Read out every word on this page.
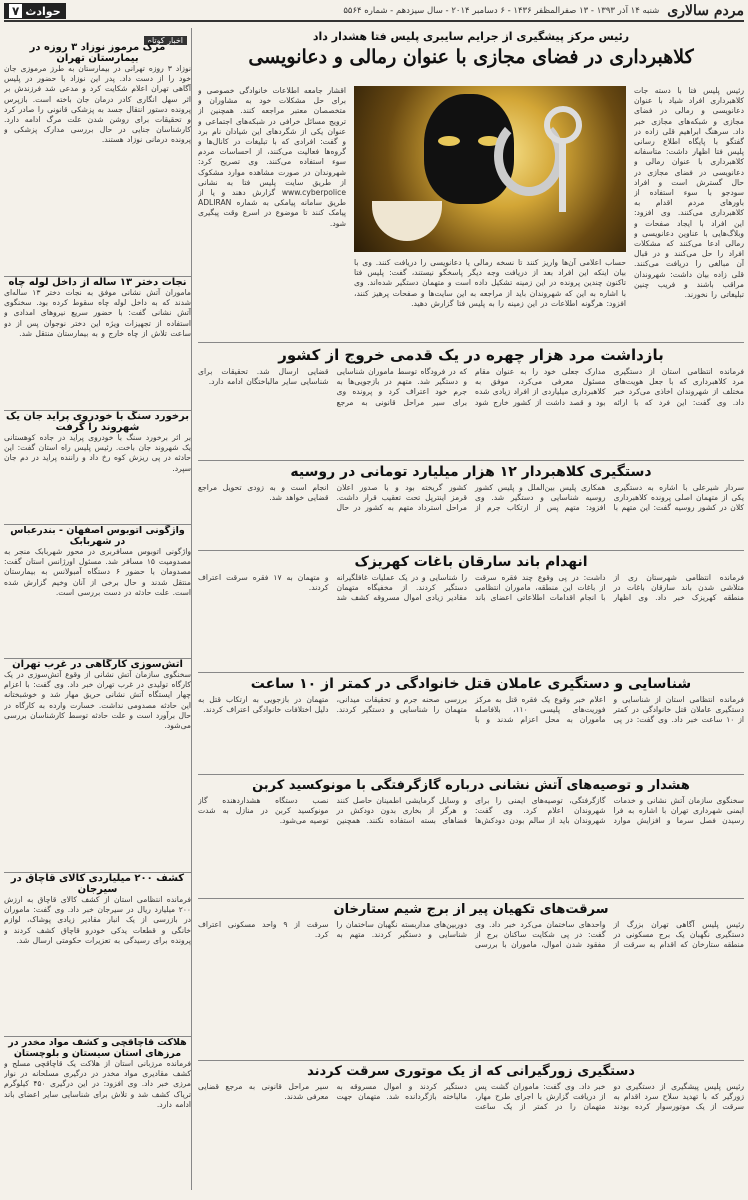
مردم سالاری
شنبه ۱۴ آذر ۱۳۹۳ - ۱۳ صفرالمظفر ۱۴۳۶ - ۶ دسامبر ۲۰۱۴ - سال سیزدهم - شماره ۵۵۶۴
حوادث
۷
رئیس مرکز پیشگیری از جرایم سایبری پلیس فتا هشدار داد
کلاهبرداری در فضای مجازی با عنوان رمالی و دعانویسی
رئیس پلیس فتا با دسته جات کلاهبرداری افراد شیاد با عنوان دعانویسی و رمالی در فضای مجازی و شبکه‌های مجازی خبر داد. سرهنگ ابراهیم قلی زاده در گفتگو با پایگاه اطلاع رسانی پلیس فتا اظهار داشت: متاسفانه کلاهبرداری با عنوان رمالی و دعانویسی در فضای مجازی در حال گسترش است و افراد سودجو با سوء استفاده از باورهای مردم اقدام به کلاهبرداری می‌کنند. وی افزود: این افراد با ایجاد صفحات و وبلاگ‌هایی با عناوین دعانویسی و رمالی ادعا می‌کنند که مشکلات افراد را حل می‌کنند و در قبال آن مبالغی را دریافت می‌کنند. قلی زاده بیان داشت: شهروندان مراقب باشند و فریب چنین تبلیغاتی را نخورند.
حساب اعلامی آن‌ها واریز کنند تا نسخه رمالی یا دعانویسی را دریافت کنند. وی با بیان اینکه این افراد بعد از دریافت وجه دیگر پاسخگو نیستند، گفت: پلیس فتا تاکنون چندین پرونده در این زمینه تشکیل داده است و متهمان دستگیر شده‌اند. وی با اشاره به این که شهروندان باید از مراجعه به این سایت‌ها و صفحات پرهیز کنند، افزود: هرگونه اطلاعات در این زمینه را به پلیس فتا گزارش دهید.
اقشار جامعه اطلاعات خانوادگی خصوصی و برای حل مشکلات خود به مشاوران و متخصصان معتبر مراجعه کنند. همچنین از ترویج مسائل خرافی در شبکه‌های اجتماعی و عنوان یکی از شگردهای این شیادان نام برد و گفت: افرادی که با تبلیغات در کانال‌ها و گروه‌ها فعالیت می‌کنند، از احساسات مردم سوء استفاده می‌کنند. وی تصریح کرد: شهروندان در صورت مشاهده موارد مشکوک از طریق سایت پلیس فتا به نشانی www.cyberpolice گزارش دهند و یا از طریق سامانه پیامکی به شماره ADLIRAN پیامک کنند تا موضوع در اسرع وقت پیگیری شود.
بازداشت مرد هزار چهره در یک قدمی خروج از کشور
فرمانده انتظامی استان از دستگیری مرد کلاهبرداری که با جعل هویت‌های مختلف از شهروندان اخاذی می‌کرد خبر داد. وی گفت: این فرد که با ارائه مدارک جعلی خود را به عنوان مقام مسئول معرفی می‌کرد، موفق به کلاهبرداری میلیاردی از افراد زیادی شده بود و قصد داشت از کشور خارج شود که در فرودگاه توسط ماموران شناسایی و دستگیر شد. متهم در بازجویی‌ها به جرم خود اعتراف کرد و پرونده وی برای سیر مراحل قانونی به مرجع قضایی ارسال شد. تحقیقات برای شناسایی سایر مالباختگان ادامه دارد.
دستگیری کلاهبردار ۱۲ هزار میلیارد تومانی در روسیه
سردار شیرعلی با اشاره به دستگیری یکی از متهمان اصلی پرونده کلاهبرداری کلان در کشور روسیه گفت: این متهم با همکاری پلیس بین‌الملل و پلیس کشور روسیه شناسایی و دستگیر شد. وی افزود: متهم پس از ارتکاب جرم از کشور گریخته بود و با صدور اعلان قرمز اینترپل تحت تعقیب قرار داشت. مراحل استرداد متهم به کشور در حال انجام است و به زودی تحویل مراجع قضایی خواهد شد.
انهدام باند سارقان باغات کهریزک
فرمانده انتظامی شهرستان ری از متلاشی شدن باند سارقان باغات در منطقه کهریزک خبر داد. وی اظهار داشت: در پی وقوع چند فقره سرقت از باغات این منطقه، ماموران انتظامی با انجام اقدامات اطلاعاتی اعضای باند را شناسایی و در یک عملیات غافلگیرانه دستگیر کردند. از مخفیگاه متهمان مقادیر زیادی اموال مسروقه کشف شد و متهمان به ۱۷ فقره سرقت اعتراف کردند.
شناسایی و دستگیری عاملان قتل خانوادگی در کمتر از ۱۰ ساعت
فرمانده انتظامی استان از شناسایی و دستگیری عاملان قتل خانوادگی در کمتر از ۱۰ ساعت خبر داد. وی گفت: در پی اعلام خبر وقوع یک فقره قتل به مرکز فوریت‌های پلیسی ۱۱۰، بلافاصله ماموران به محل اعزام شدند و با بررسی صحنه جرم و تحقیقات میدانی، متهمان را شناسایی و دستگیر کردند. متهمان در بازجویی به ارتکاب قتل به دلیل اختلافات خانوادگی اعتراف کردند.
هشدار و توصیه‌های آتش نشانی درباره گازگرفتگی با مونوکسید کربن
سخنگوی سازمان آتش نشانی و خدمات ایمنی شهرداری تهران با اشاره به فرا رسیدن فصل سرما و افزایش موارد گازگرفتگی، توصیه‌های ایمنی را برای شهروندان اعلام کرد. وی گفت: شهروندان باید از سالم بودن دودکش‌ها و وسایل گرمایشی اطمینان حاصل کنند و هرگز از بخاری بدون دودکش در فضاهای بسته استفاده نکنند. همچنین نصب دستگاه هشداردهنده گاز مونوکسید کربن در منازل به شدت توصیه می‌شود.
سرقت‌های تکهیان پیر از برج شیم ستارخان
رئیس پلیس آگاهی تهران بزرگ از دستگیری نگهبان یک برج مسکونی در منطقه ستارخان که اقدام به سرقت از واحدهای ساختمان می‌کرد خبر داد. وی گفت: در پی شکایت ساکنان برج از مفقود شدن اموال، ماموران با بررسی دوربین‌های مداربسته نگهبان ساختمان را شناسایی و دستگیر کردند. متهم به سرقت از ۹ واحد مسکونی اعتراف کرد.
دستگیری زورگیرانی که از یک موتوری سرقت کردند
رئیس پلیس پیشگیری از دستگیری دو زورگیر که با تهدید سلاح سرد اقدام به سرقت از یک موتورسوار کرده بودند خبر داد. وی گفت: ماموران گشت پس از دریافت گزارش با اجرای طرح مهار، متهمان را در کمتر از یک ساعت دستگیر کردند و اموال مسروقه به مالباخته بازگردانده شد. متهمان جهت سیر مراحل قانونی به مرجع قضایی معرفی شدند.
اخبار کوتاه
مرگ مرموز نوزاد ۳ روزه در بیمارستان تهران
نوزاد ۳ روزه تهرانی در بیمارستان به طرز مرموزی جان خود را از دست داد. پدر این نوزاد با حضور در پلیس آگاهی تهران اعلام شکایت کرد و مدعی شد فرزندش بر اثر سهل انگاری کادر درمان جان باخته است. بازپرس پرونده دستور انتقال جسد به پزشکی قانونی را صادر کرد و تحقیقات برای روشن شدن علت مرگ ادامه دارد. کارشناسان جنایی در حال بررسی مدارک پزشکی و پرونده درمانی نوزاد هستند.
نجات دختر ۱۳ ساله از داخل لوله چاه
ماموران آتش نشانی موفق به نجات دختر ۱۳ ساله‌ای شدند که به داخل لوله چاه سقوط کرده بود. سخنگوی آتش نشانی گفت: با حضور سریع نیروهای امدادی و استفاده از تجهیزات ویژه این دختر نوجوان پس از دو ساعت تلاش از چاه خارج و به بیمارستان منتقل شد.
برخورد سنگ با خودروی پراید جان یک شهروند را گرفت
بر اثر برخورد سنگ با خودروی پراید در جاده کوهستانی یک شهروند جان باخت. رئیس پلیس راه استان گفت: این حادثه در پی ریزش کوه رخ داد و راننده پراید در دم جان سپرد.
واژگونی اتوبوس اصفهان - بندرعباس در شهربابک
واژگونی اتوبوس مسافربری در محور شهربابک منجر به مصدومیت ۱۵ مسافر شد. مسئول اورژانس استان گفت: مصدومان با حضور ۶ دستگاه آمبولانس به بیمارستان منتقل شدند و حال برخی از آنان وخیم گزارش شده است. علت حادثه در دست بررسی است.
آتش‌سوزی کارگاهی در غرب تهران
سخنگوی سازمان آتش نشانی از وقوع آتش‌سوزی در یک کارگاه تولیدی در غرب تهران خبر داد. وی گفت: با اعزام چهار ایستگاه آتش نشانی حریق مهار شد و خوشبختانه این حادثه مصدومی نداشت. خسارت وارده به کارگاه در حال برآورد است و علت حادثه توسط کارشناسان بررسی می‌شود.
کشف ۲۰۰ میلیاردی کالای قاچاق در سیرجان
فرمانده انتظامی استان از کشف کالای قاچاق به ارزش ۲۰۰ میلیارد ریال در سیرجان خبر داد. وی گفت: ماموران در بازرسی از یک انبار مقادیر زیادی پوشاک، لوازم خانگی و قطعات یدکی خودرو قاچاق کشف کردند و پرونده برای رسیدگی به تعزیرات حکومتی ارسال شد.
هلاکت قاچاقچی و کشف مواد مخدر در مرزهای استان سیستان و بلوچستان
فرمانده مرزبانی استان از هلاکت یک قاچاقچی مسلح و کشف مقادیری مواد مخدر در درگیری مسلحانه در نوار مرزی خبر داد. وی افزود: در این درگیری ۴۵۰ کیلوگرم تریاک کشف شد و تلاش برای شناسایی سایر اعضای باند ادامه دارد.
